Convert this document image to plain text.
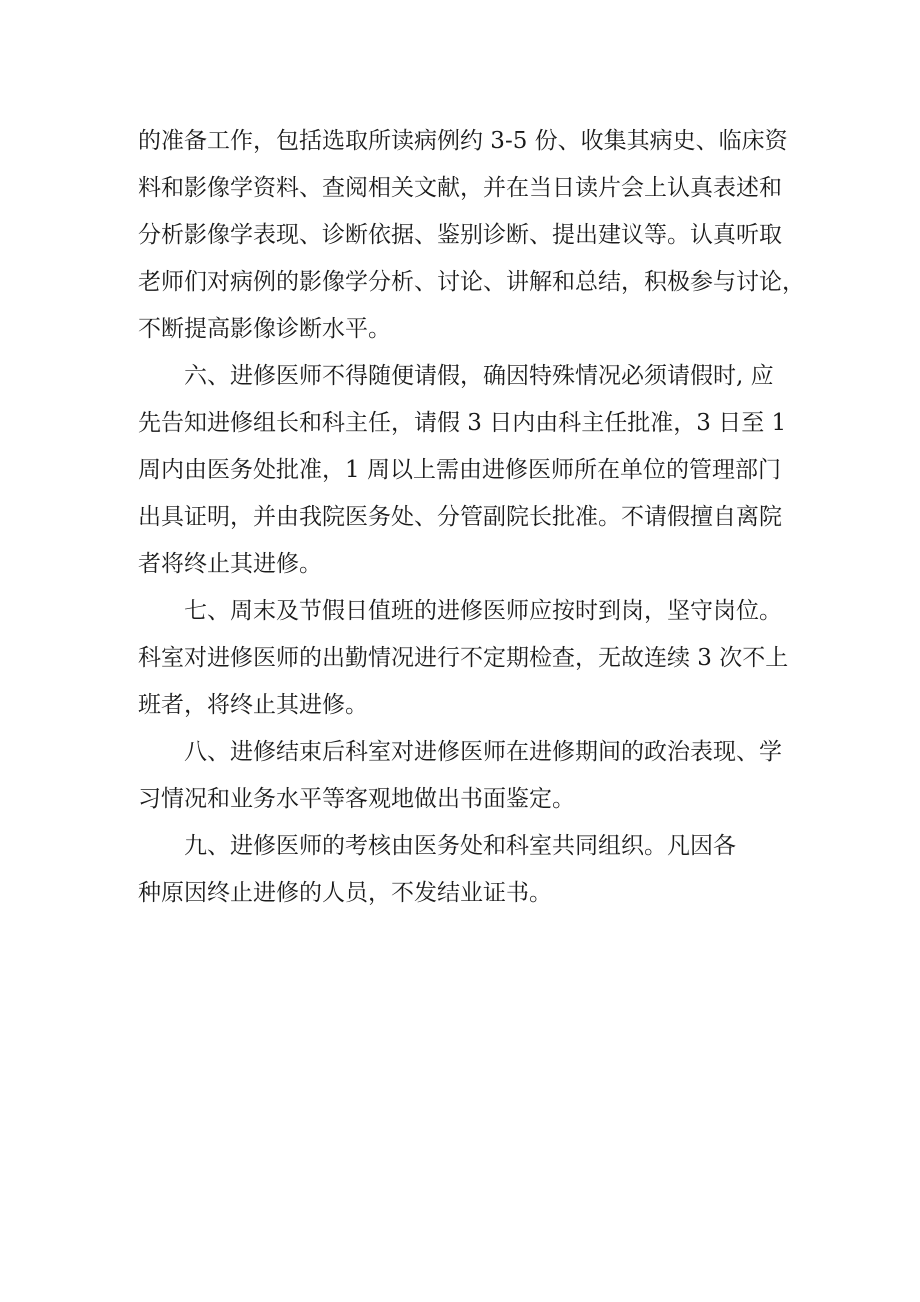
的准备工作，包括选取所读病例约 3-5 份、收集其病史、临床资
料和影像学资料、查阅相关文献，并在当日读片会上认真表述和
分析影像学表现、诊断依据、鉴别诊断、提出建议等。认真听取
老师们对病例的影像学分析、讨论、讲解和总结，积极参与讨论，
不断提高影像诊断水平。
六、进修医师不得随便请假，确因特殊情况必须请假时, 应
先告知进修组长和科主任，请假 3 日内由科主任批准，3 日至 1
周内由医务处批准，1 周以上需由进修医师所在单位的管理部门
出具证明，并由我院医务处、分管副院长批准。不请假擅自离院
者将终止其进修。
七、周末及节假日值班的进修医师应按时到岗，坚守岗位。
科室对进修医师的出勤情况进行不定期检查，无故连续 3 次不上
班者，将终止其进修。
八、进修结束后科室对进修医师在进修期间的政治表现、学
习情况和业务水平等客观地做出书面鉴定。
九、进修医师的考核由医务处和科室共同组织。凡因各
种原因终止进修的人员，不发结业证书。
